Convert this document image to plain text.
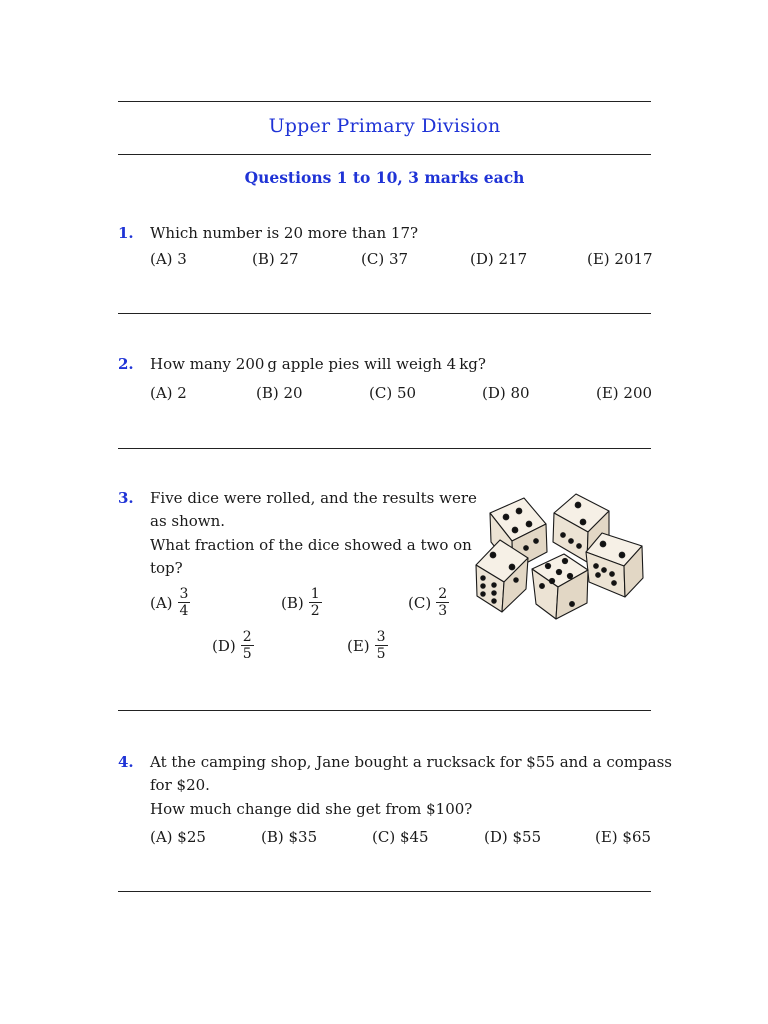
Upper Primary Division
Questions 1 to 10, 3 marks each
1. Which number is 20 more than 17?
(A) 3	(B) 27	(C) 37	(D) 217	(E) 2017
2. How many 200 g apple pies will weigh 4 kg?
(A) 2	(B) 20	(C) 50	(D) 80	(E) 200
3. Five dice were rolled, and the results were
as shown.
What fraction of the dice showed a two on
top?
$(A) \frac{3}{4}$	$(B) \frac{1}{2}$	$(C) \frac{2}{3}$
$(D) \frac{2}{5}$	$(E) \frac{3}{5}$
4. At the camping shop, Jane bought a rucksack for $55 and a compass
for $20.
How much change did she get from $100?
(A) $25	(B) $35	(C) $45	(D) $55	(E) $65
